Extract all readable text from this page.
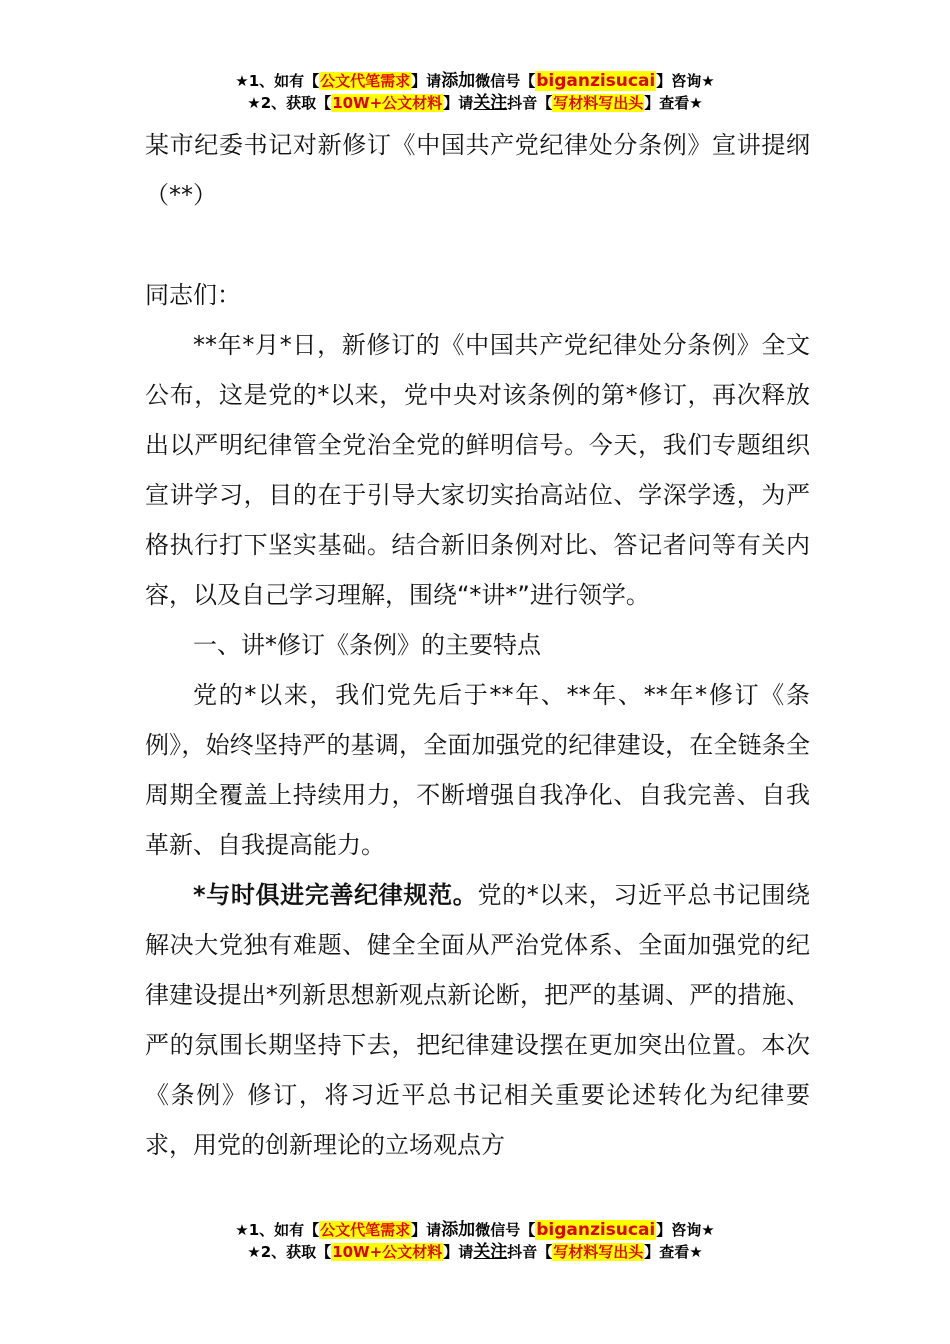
★1、如有【公文代笔需求】请添加微信号【biganzisucai】咨询★
★2、获取【10W+公文材料】请关注抖音【写材料写出头】查看★

某市纪委书记对新修订《中国共产党纪律处分条例》宣讲提纲（**）

同志们：

**年*月*日，新修订的《中国共产党纪律处分条例》全文公布，这是党的*以来，党中央对该条例的第*修订，再次释放出以严明纪律管全党治全党的鲜明信号。今天，我们专题组织宣讲学习，目的在于引导大家切实抬高站位、学深学透，为严格执行打下坚实基础。结合新旧条例对比、答记者问等有关内容，以及自己学习理解，围绕“*讲*”进行领学。

一、讲*修订《条例》的主要特点

党的*以来，我们党先后于**年、**年、**年*修订《条例》，始终坚持严的基调，全面加强党的纪律建设，在全链条全周期全覆盖上持续用力，不断增强自我净化、自我完善、自我革新、自我提高能力。

*与时俱进完善纪律规范。党的*以来，习近平总书记围绕解决大党独有难题、健全全面从严治党体系、全面加强党的纪律建设提出*列新思想新观点新论断，把严的基调、严的措施、严的氛围长期坚持下去，把纪律建设摆在更加突出位置。本次《条例》修订，将习近平总书记相关重要论述转化为纪律要求，用党的创新理论的立场观点方

★1、如有【公文代笔需求】请添加微信号【biganzisucai】咨询★
★2、获取【10W+公文材料】请关注抖音【写材料写出头】查看★
